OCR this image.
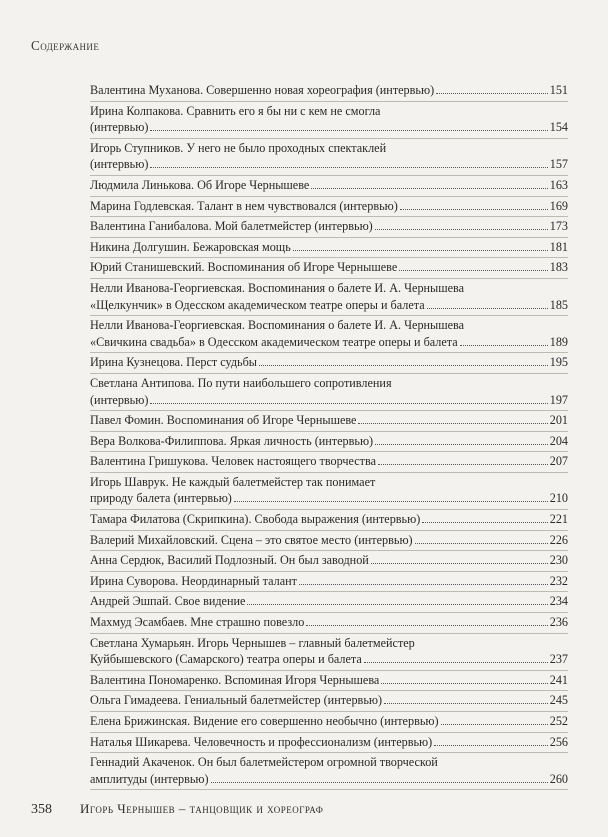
Содержание
Валентина Муханова. Совершенно новая хореография (интервью)	151
Ирина Колпакова. Сравнить его я бы ни с кем не смогла
(интервью)	154
Игорь Ступников. У него не было проходных спектаклей
(интервью)	157
Людмила Линькова. Об Игоре Чернышеве	163
Марина Годлевская. Талант в нем чувствовался (интервью)	169
Валентина Ганибалова. Мой балетмейстер (интервью)	173
Никина Долгушин. Бежаровская мощь	181
Юрий Станишевский. Воспоминания об Игоре Чернышеве	183
Нелли Иванова-Георгиевская. Воспоминания о балете И. А. Чернышева
«Щелкунчик» в Одесском академическом театре оперы и балета	185
Нелли Иванова-Георгиевская. Воспоминания о балете И. А. Чернышева
«Свичкина свадьба» в Одесском академическом театре оперы и балета	189
Ирина Кузнецова. Перст судьбы	195
Светлана Антипова. По пути наибольшего сопротивления
(интервью)	197
Павел Фомин. Воспоминания об Игоре Чернышеве	201
Вера Волкова-Филиппова. Яркая личность (интервью)	204
Валентина Гришукова. Человек настоящего творчества	207
Игорь Шаврук. Не каждый балетмейстер так понимает
природу балета (интервью)	210
Тамара Филатова (Скрипкина). Свобода выражения (интервью)	221
Валерий Михайловский. Сцена – это святое место (интервью)	226
Анна Сердюк, Василий Подлозный. Он был заводной	230
Ирина Суворова. Неординарный талант	232
Андрей Эшпай. Свое видение	234
Махмуд Эсамбаев. Мне страшно повезло	236
Светлана Хумарьян. Игорь Чернышев – главный балетмейстер
Куйбышевского (Самарского) театра оперы и балета	237
Валентина Пономаренко. Вспоминая Игоря Чернышева	241
Ольга Гимадеева. Гениальный балетмейстер (интервью)	245
Елена Брижинская. Видение его совершенно необычно (интервью)	252
Наталья Шикарева. Человечность и профессионализм (интервью)	256
Геннадий Акаченок. Он был балетмейстером огромной творческой
амплитуды (интервью)	260
358 Игорь Чернышев – танцовщик и хореограф
